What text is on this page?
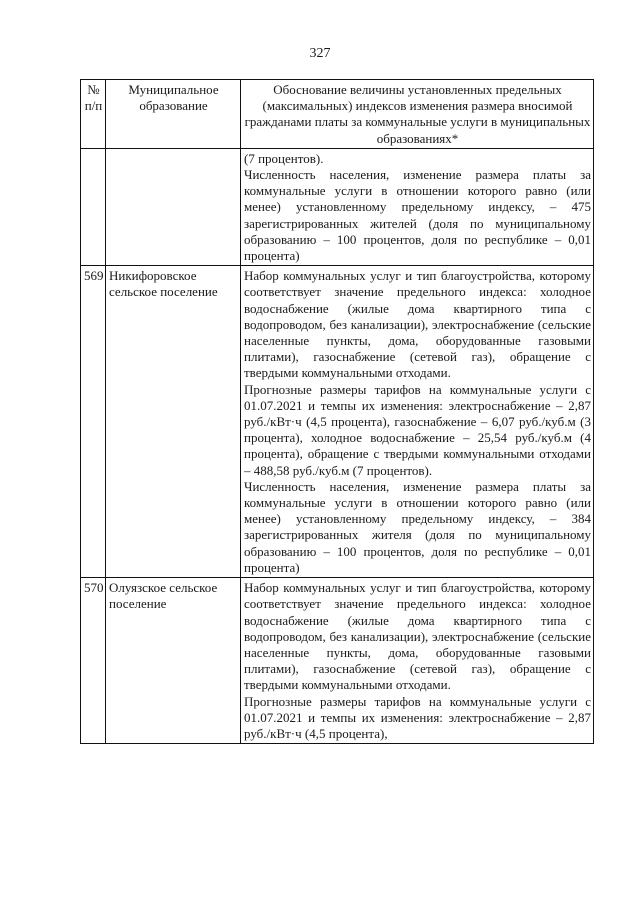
327
№ п/п	Муниципальное образование	Обоснование величины установленных предельных (максимальных) индексов изменения размера вносимой гражданами платы за коммунальные услуги в муниципальных образованиях*

		(7 процентов).

Численность населения, изменение размера платы за коммунальные услуги в отношении которого равно (или менее) установленному предельному индексу, – 475 зарегистрированных жителей (доля по муниципальному образованию – 100 процентов, доля по республике – 0,01 процента)

569	Никифоровское сельское поселение	Набор коммунальных услуг и тип благоустройства, которому соответствует значение предельного индекса: холодное водоснабжение (жилые дома квартирного типа с водопроводом, без канализации), электроснабжение (сельские населенные пункты, дома, оборудованные газовыми плитами), газоснабжение (сетевой газ), обращение с твердыми коммунальными отходами.

Прогнозные размеры тарифов на коммунальные услуги с 01.07.2021 и темпы их изменения: электроснабжение – 2,87 руб./кВт·ч (4,5 процента), газоснабжение – 6,07 руб./куб.м (3 процента), холодное водоснабжение – 25,54 руб./куб.м (4 процента), обращение с твердыми коммунальными отходами – 488,58 руб./куб.м (7 процентов).

Численность населения, изменение размера платы за коммунальные услуги в отношении которого равно (или менее) установленному предельному индексу, – 384 зарегистрированных жителя (доля по муниципальному образованию – 100 процентов, доля по республике – 0,01 процента)

570	Олуязское сельское поселение	Набор коммунальных услуг и тип благоустройства, которому соответствует значение предельного индекса: холодное водоснабжение (жилые дома квартирного типа с водопроводом, без канализации), электроснабжение (сельские населенные пункты, дома, оборудованные газовыми плитами), газоснабжение (сетевой газ), обращение с твердыми коммунальными отходами.

Прогнозные размеры тарифов на коммунальные услуги с 01.07.2021 и темпы их изменения: электроснабжение – 2,87 руб./кВт·ч (4,5 процента),
